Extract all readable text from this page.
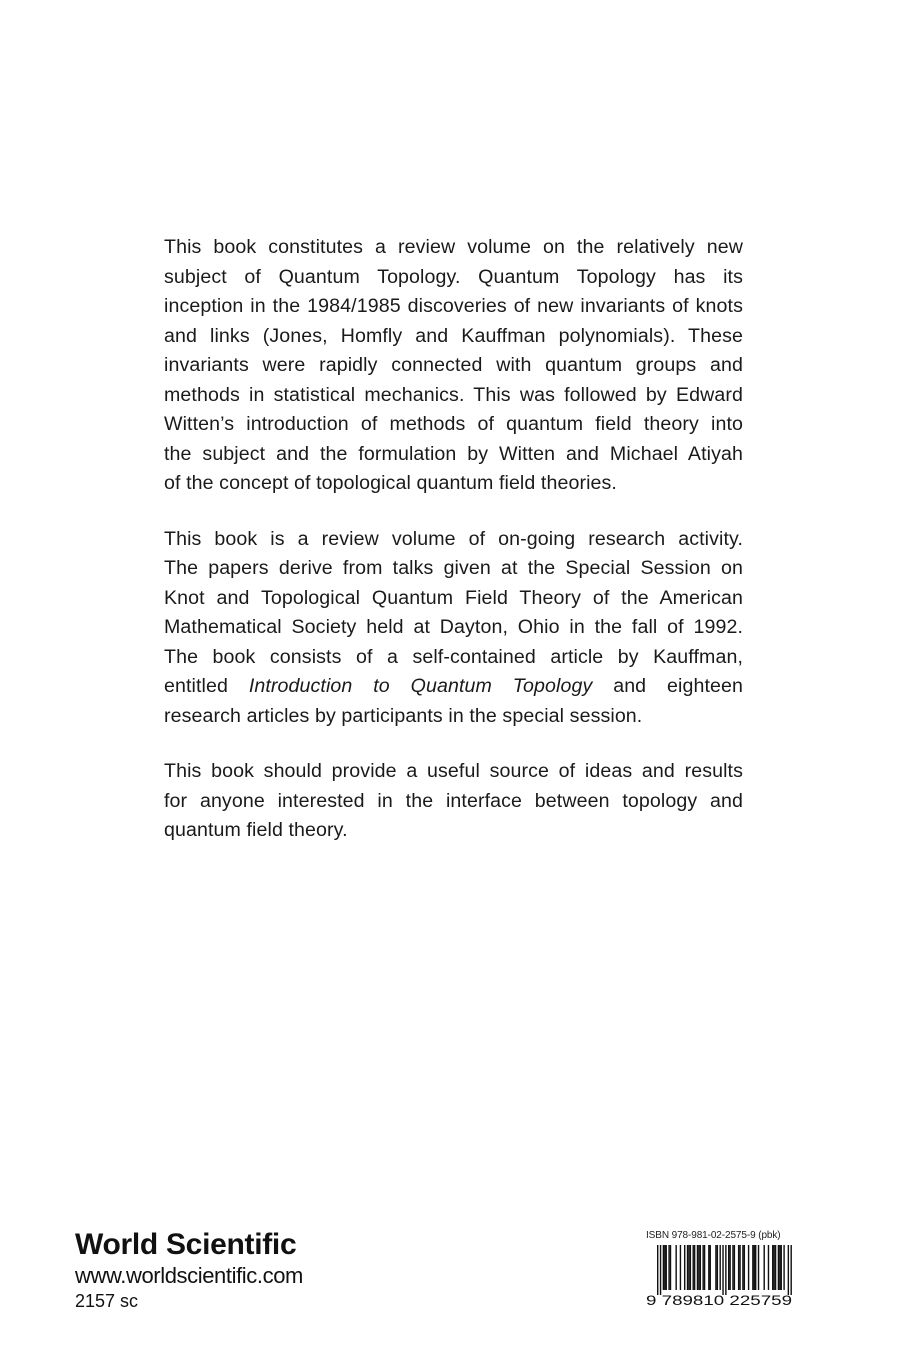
This book constitutes a review volume on the relatively new
subject of Quantum Topology. Quantum Topology has its
inception in the 1984/1985 discoveries of new invariants of knots
and links (Jones, Homfly and Kauffman polynomials). These
invariants were rapidly connected with quantum groups and
methods in statistical mechanics. This was followed by Edward
Witten’s introduction of methods of quantum field theory into
the subject and the formulation by Witten and Michael Atiyah
of the concept of topological quantum field theories.

This book is a review volume of on-going research activity.
The papers derive from talks given at the Special Session on
Knot and Topological Quantum Field Theory of the American
Mathematical Society held at Dayton, Ohio in the fall of 1992.
The book consists of a self-contained article by Kauffman,
entitled Introduction to Quantum Topology and eighteen
research articles by participants in the special session.

This book should provide a useful source of ideas and results
for anyone interested in the interface between topology and
quantum field theory.

World Scientific
www.worldscientific.com
2157 sc
ISBN 978-981-02-2575-9 (pbk)
9 789810 225759
